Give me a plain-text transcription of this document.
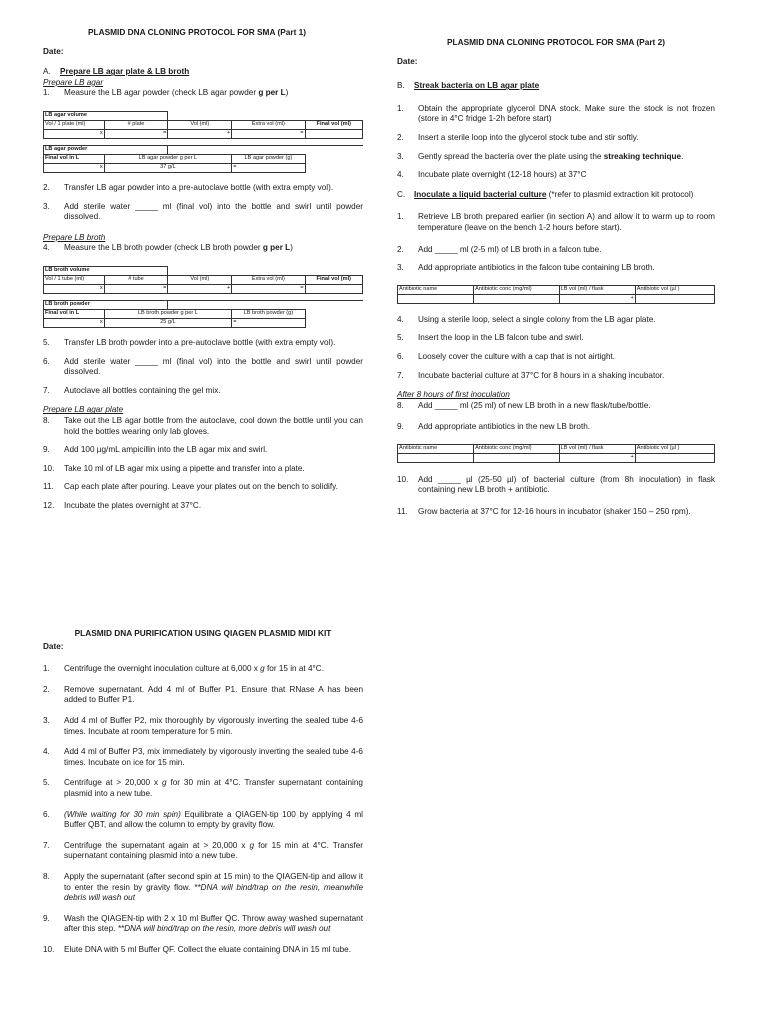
PLASMID DNA CLONING PROTOCOL FOR SMA (Part 1)

Date:
A.	Prepare LB agar plate & LB broth
Prepare LB agar
1.	Measure the LB agar powder (check LB agar powder g per L)
LB agar volume				
Vol / 1 plate (ml)	# plate	Vol (ml)	Extra vol (ml)	Final vol (ml)
x	=	+	=	

LB agar powder				
Final vol in L	LB agar powder g per L		LB agar powder (g)	
x	37 g/L		=	
2.	Transfer LB agar powder into a pre-autoclave bottle (with extra empty vol).
3.	Add sterile water _____ ml (final vol) into the bottle and swirl until powder dissolved.
Prepare LB broth
4.	Measure the LB broth powder (check LB broth powder g per L)
LB broth volume				
Vol / 1 tube (ml)	# tube	Vol (ml)	Extra vol (ml)	Final vol (ml)
x	=	+	=	

LB broth powder				
Final vol in L	LB broth powder g per L		LB broth powder (g)	
x	25 g/L		=	
5.	Transfer LB broth powder into a pre-autoclave bottle (with extra empty vol).
6.	Add sterile water _____ ml (final vol) into the bottle and swirl until powder dissolved.
7.	Autoclave all bottles containing the gel mix.
Prepare LB agar plate
8.	Take out the LB agar bottle from the autoclave, cool down the bottle until you can hold the bottles wearing only lab gloves.
9.	Add 100 µg/mL ampicillin into the LB agar mix and swirl.
10.	Take 10 ml of LB agar mix using a pipette and transfer into a plate.
11.	Cap each plate after pouring. Leave your plates out on the bench to solidify.
12.	Incubate the plates overnight at 37°C.

PLASMID DNA CLONING PROTOCOL FOR SMA (Part 2)

Date:
B.	Streak bacteria on LB agar plate
1.	Obtain the appropriate glycerol DNA stock. Make sure the stock is not frozen (store in 4°C fridge 1-2h before start)
2.	Insert a sterile loop into the glycerol stock tube and stir softly.
3.	Gently spread the bacteria over the plate using the streaking technique.
4.	Incubate plate overnight (12-18 hours) at 37°C
C.	Inoculate a liquid bacterial culture (*refer to plasmid extraction kit protocol)
1.	Retrieve LB broth prepared earlier (in section A) and allow it to warm up to room temperature (leave on the bench 1-2 hours before start).
2.	Add _____ ml (2-5 ml) of LB broth in a falcon tube.
3.	Add appropriate antibiotics in the falcon tube containing LB broth.
Antibiotic name	Antibiotic conc (mg/ml)	LB vol (ml) / flask	Antibiotic vol (µl )
		+	
4.	Using a sterile loop, select a single colony from the LB agar plate.
5.	Insert the loop in the LB falcon tube and swirl.
6.	Loosely cover the culture with a cap that is not airtight.
7.	Incubate bacterial culture at 37°C for 8 hours in a shaking incubator.
After 8 hours of first inoculation
8.	Add _____ ml (25 ml) of new LB broth in a new flask/tube/bottle.
9.	Add appropriate antibiotics in the new LB broth.
Antibiotic name	Antibiotic conc (mg/ml)	LB vol (ml) / flask	Antibiotic vol (µl )
		+	
10.	Add _____ µl (25-50 µl) of bacterial culture (from 8h inoculation) in flask containing new LB broth + antibiotic.
11.	Grow bacteria at 37°C for 12-16 hours in incubator (shaker 150 – 250 rpm).

PLASMID DNA PURIFICATION USING QIAGEN PLASMID MIDI KIT

Date:
1.	Centrifuge the overnight inoculation culture at 6,000 x g for 15 in at 4°C.
2.	Remove supernatant. Add 4 ml of Buffer P1. Ensure that RNase A has been added to Buffer P1.
3.	Add 4 ml of Buffer P2, mix thoroughly by vigorously inverting the sealed tube 4-6 times. Incubate at room temperature for 5 min.
4.	Add 4 ml of Buffer P3, mix immediately by vigorously inverting the sealed tube 4-6 times. Incubate on ice for 15 min.
5.	Centrifuge at > 20,000 x g for 30 min at 4°C. Transfer supernatant containing plasmid into a new tube.
6.	(While waiting for 30 min spin) Equilibrate a QIAGEN-tip 100 by applying 4 ml Buffer QBT, and allow the column to empty by gravity flow.
7.	Centrifuge the supernatant again at > 20,000 x g for 15 min at 4°C. Transfer supernatant containing plasmid into a new tube.
8.	Apply the supernatant (after second spin at 15 min) to the QIAGEN-tip and allow it to enter the resin by gravity flow. **DNA will bind/trap on the resin, meanwhile debris will wash out
9.	Wash the QIAGEN-tip with 2 x 10 ml Buffer QC. Throw away washed supernatant after this step. **DNA will bind/trap on the resin, more debris will wash out
10.	Elute DNA with 5 ml Buffer QF. Collect the eluate containing DNA in 15 ml tube.
